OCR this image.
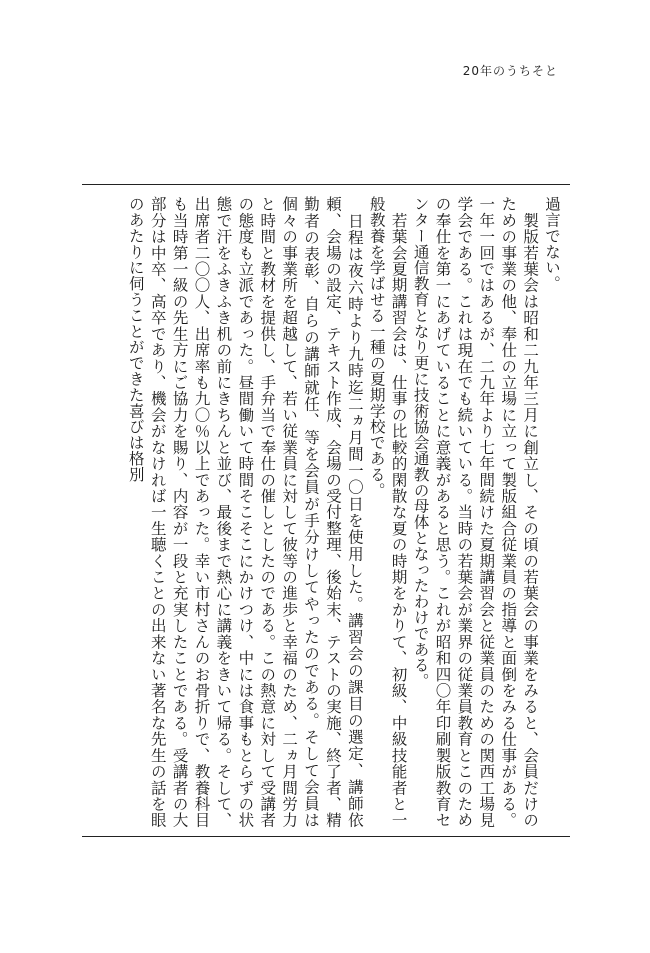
20年のうちそと

過言でない。

　製版若葉会は昭和二九年三月に創立し、その頃の若葉会の事業をみると、会員だけのための事業の他、奉仕の立場に立って製版組合従業員の指導と面倒をみる仕事がある。一年一回ではあるが、二九年より七年間続けた夏期講習会と従業員のための関西工場見学会である。これは現在でも続いている。当時の若葉会が業界の従業員教育とこのための奉仕を第一にあげていることに意義があると思う。これが昭和四〇年印刷製版教育センター通信教育となり更に技術協会通教の母体となったわけである。

　若葉会夏期講習会は、仕事の比較的閑散な夏の時期をかりて、初級、中級技能者と一般教養を学ばせる一種の夏期学校である。

　日程は夜六時より九時迄二ヵ月間一〇日を使用した。講習会の課目の選定、講師依頼、会場の設定、テキスト作成、会場の受付整理、後始末、テストの実施、終了者、精勤者の表彰、自らの講師就任、等を会員が手分けしてやったのである。そして会員は個々の事業所を超越して、若い従業員に対して彼等の進歩と幸福のため、二ヵ月間労力と時間と教材を提供し、手弁当で奉仕の催しとしたのである。この熱意に対して受講者の態度も立派であった。昼間働いて時間そこそこにかけつけ、中には食事もとらずの状態で汗をふきふき机の前にきちんと並び、最後まで熱心に講義をきいて帰る。そして、出席者二〇〇人、出席率も九〇％以上であった。幸い市村さんのお骨折りで、教養科目も当時第一級の先生方にご協力を賜り、内容が一段と充実したことである。受講者の大部分は中卒、高卒であり、機会がなければ一生聴くことの出来ない著名な先生の話を眼のあたりに伺うことができた喜びは格別
